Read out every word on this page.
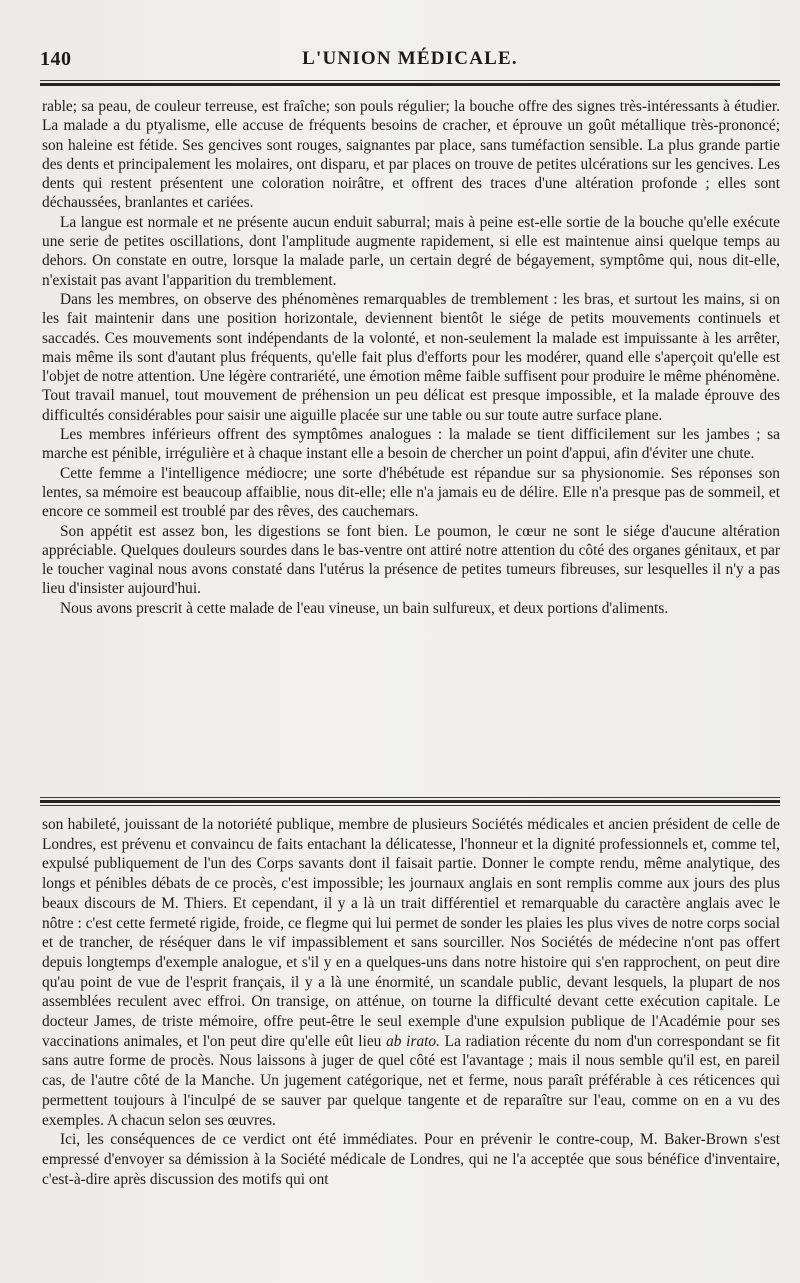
140	L'UNION MÉDICALE.

rable; sa peau, de couleur terreuse, est fraîche; son pouls régulier; la bouche offre des signes très-intéressants à étudier. La malade a du ptyalisme, elle accuse de fréquents besoins de cracher, et éprouve un goût métallique très-prononcé; son haleine est fétide. Ses gencives sont rouges, saignantes par place, sans tuméfaction sensible. La plus grande partie des dents et principalement les molaires, ont disparu, et par places on trouve de petites ulcérations sur les gencives. Les dents qui restent présentent une coloration noirâtre, et offrent des traces d'une altération profonde ; elles sont déchaussées, branlantes et cariées.

La langue est normale et ne présente aucun enduit saburral; mais à peine est-elle sortie de la bouche qu'elle exécute une serie de petites oscillations, dont l'amplitude augmente rapidement, si elle est maintenue ainsi quelque temps au dehors. On constate en outre, lorsque la malade parle, un certain degré de bégayement, symptôme qui, nous dit-elle, n'existait pas avant l'apparition du tremblement.

Dans les membres, on observe des phénomènes remarquables de tremblement : les bras, et surtout les mains, si on les fait maintenir dans une position horizontale, deviennent bientôt le siége de petits mouvements continuels et saccadés. Ces mouvements sont indépendants de la volonté, et non-seulement la malade est impuissante à les arrêter, mais même ils sont d'autant plus fréquents, qu'elle fait plus d'efforts pour les modérer, quand elle s'aperçoit qu'elle est l'objet de notre attention. Une légère contrariété, une émotion même faible suffisent pour produire le même phénomène. Tout travail manuel, tout mouvement de préhension un peu délicat est presque impossible, et la malade éprouve des difficultés considérables pour saisir une aiguille placée sur une table ou sur toute autre surface plane.

Les membres inférieurs offrent des symptômes analogues : la malade se tient difficilement sur les jambes ; sa marche est pénible, irrégulière et à chaque instant elle a besoin de chercher un point d'appui, afin d'éviter une chute.

Cette femme a l'intelligence médiocre; une sorte d'hébétude est répandue sur sa physionomie. Ses réponses son lentes, sa mémoire est beaucoup affaiblie, nous dit-elle; elle n'a jamais eu de délire. Elle n'a presque pas de sommeil, et encore ce sommeil est troublé par des rêves, des cauchemars.

Son appétit est assez bon, les digestions se font bien. Le poumon, le cœur ne sont le siége d'aucune altération appréciable. Quelques douleurs sourdes dans le bas-ventre ont attiré notre attention du côté des organes génitaux, et par le toucher vaginal nous avons constaté dans l'utérus la présence de petites tumeurs fibreuses, sur lesquelles il n'y a pas lieu d'insister aujourd'hui.

Nous avons prescrit à cette malade de l'eau vineuse, un bain sulfureux, et deux portions d'aliments.

son habileté, jouissant de la notoriété publique, membre de plusieurs Sociétés médicales et ancien président de celle de Londres, est prévenu et convaincu de faits entachant la délicatesse, l'honneur et la dignité professionnels et, comme tel, expulsé publiquement de l'un des Corps savants dont il faisait partie. Donner le compte rendu, même analytique, des longs et pénibles débats de ce procès, c'est impossible; les journaux anglais en sont remplis comme aux jours des plus beaux discours de M. Thiers. Et cependant, il y a là un trait différentiel et remarquable du caractère anglais avec le nôtre : c'est cette fermeté rigide, froide, ce flegme qui lui permet de sonder les plaies les plus vives de notre corps social et de trancher, de réséquer dans le vif impassiblement et sans sourciller. Nos Sociétés de médecine n'ont pas offert depuis longtemps d'exemple analogue, et s'il y en a quelques-uns dans notre histoire qui s'en rapprochent, on peut dire qu'au point de vue de l'esprit français, il y a là une énormité, un scandale public, devant lesquels, la plupart de nos assemblées reculent avec effroi. On transige, on atténue, on tourne la difficulté devant cette exécution capitale. Le docteur James, de triste mémoire, offre peut-être le seul exemple d'une expulsion publique de l'Académie pour ses vaccinations animales, et l'on peut dire qu'elle eût lieu ab irato. La radiation récente du nom d'un correspondant se fit sans autre forme de procès. Nous laissons à juger de quel côté est l'avantage ; mais il nous semble qu'il est, en pareil cas, de l'autre côté de la Manche. Un jugement catégorique, net et ferme, nous paraît préférable à ces réticences qui permettent toujours à l'inculpé de se sauver par quelque tangente et de reparaître sur l'eau, comme on en a vu des exemples. A chacun selon ses œuvres.

Ici, les conséquences de ce verdict ont été immédiates. Pour en prévenir le contre-coup, M. Baker-Brown s'est empressé d'envoyer sa démission à la Société médicale de Londres, qui ne l'a acceptée que sous bénéfice d'inventaire, c'est-à-dire après discussion des motifs qui ont
